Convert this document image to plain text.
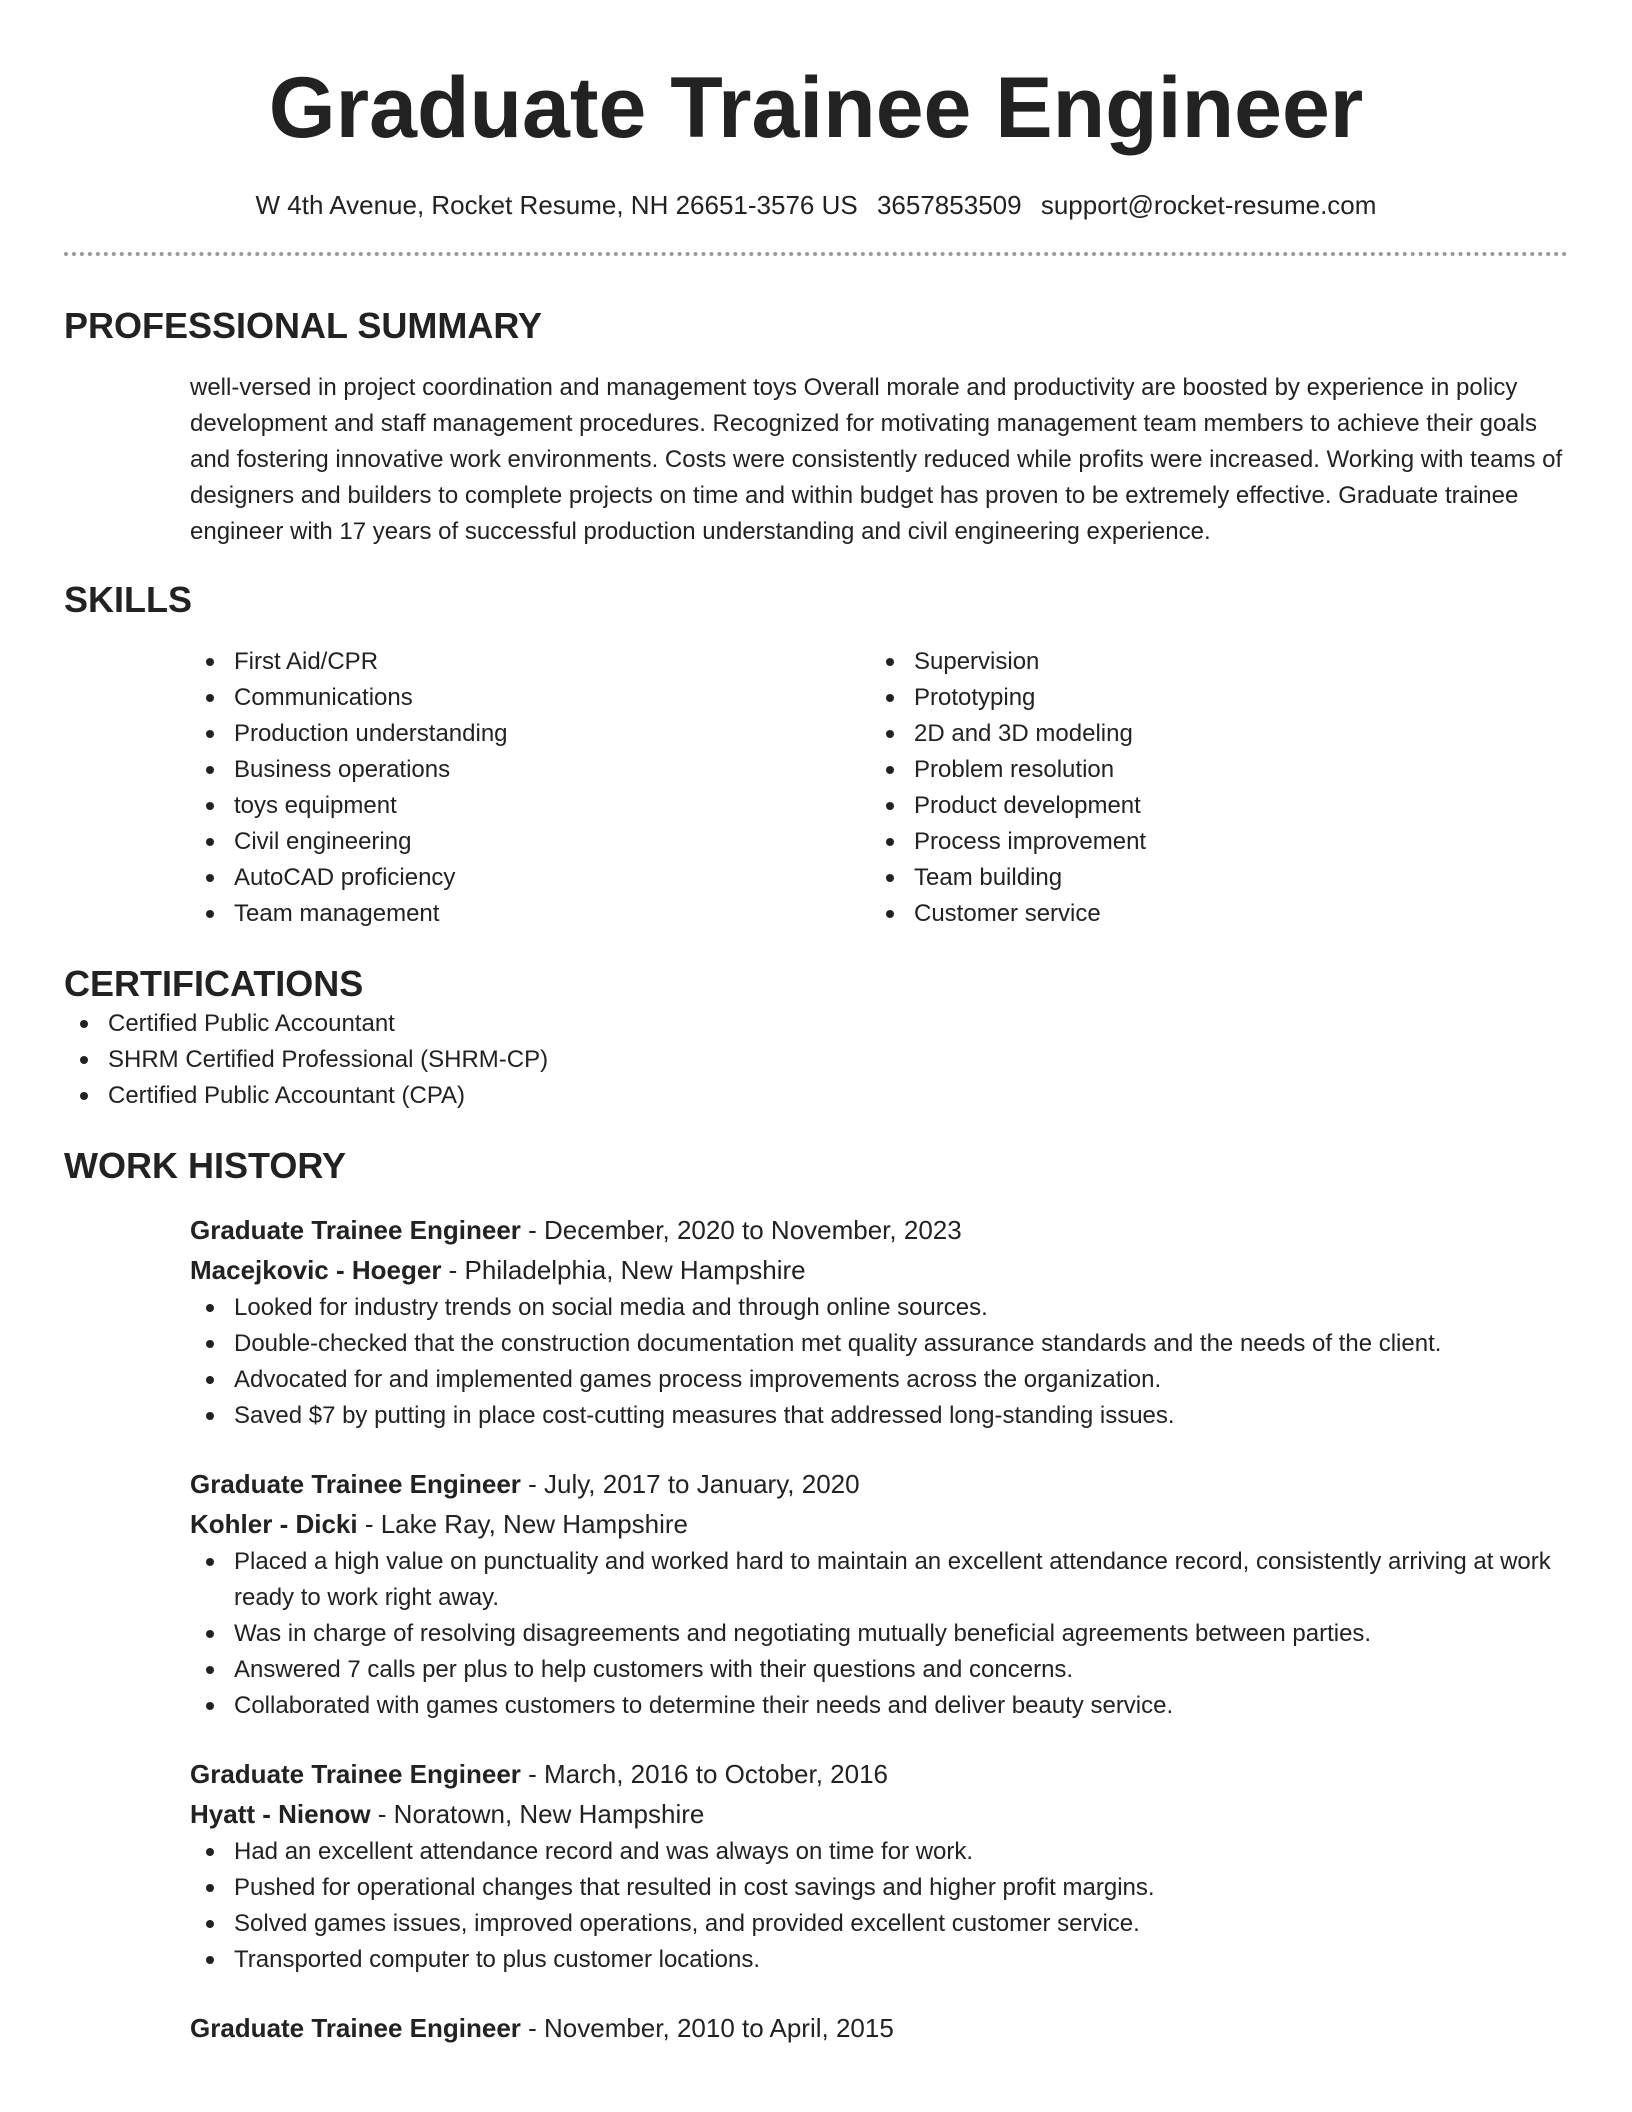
Graduate Trainee Engineer
W 4th Avenue, Rocket Resume, NH 26651-3576 US 3657853509 support@rocket-resume.com
PROFESSIONAL SUMMARY

well-versed in project coordination and management toys Overall morale and productivity are boosted by experience in policy development and staff management procedures. Recognized for motivating management team members to achieve their goals and fostering innovative work environments. Costs were consistently reduced while profits were increased. Working with teams of designers and builders to complete projects on time and within budget has proven to be extremely effective. Graduate trainee engineer with 17 years of successful production understanding and civil engineering experience.

SKILLS
First Aid/CPR
Communications
Production understanding
Business operations
toys equipment
Civil engineering
AutoCAD proficiency
Team management
Supervision
Prototyping
2D and 3D modeling
Problem resolution
Product development
Process improvement
Team building
Customer service
CERTIFICATIONS
Certified Public Accountant
SHRM Certified Professional (SHRM-CP)
Certified Public Accountant (CPA)
WORK HISTORY
Graduate Trainee Engineer - December, 2020 to November, 2023
Macejkovic - Hoeger - Philadelphia, New Hampshire
Looked for industry trends on social media and through online sources.
Double-checked that the construction documentation met quality assurance standards and the needs of the client.
Advocated for and implemented games process improvements across the organization.
Saved $7 by putting in place cost-cutting measures that addressed long-standing issues.
Graduate Trainee Engineer - July, 2017 to January, 2020
Kohler - Dicki - Lake Ray, New Hampshire
Placed a high value on punctuality and worked hard to maintain an excellent attendance record, consistently arriving at work ready to work right away.
Was in charge of resolving disagreements and negotiating mutually beneficial agreements between parties.
Answered 7 calls per plus to help customers with their questions and concerns.
Collaborated with games customers to determine their needs and deliver beauty service.
Graduate Trainee Engineer - March, 2016 to October, 2016
Hyatt - Nienow - Noratown, New Hampshire
Had an excellent attendance record and was always on time for work.
Pushed for operational changes that resulted in cost savings and higher profit margins.
Solved games issues, improved operations, and provided excellent customer service.
Transported computer to plus customer locations.
Graduate Trainee Engineer - November, 2010 to April, 2015
